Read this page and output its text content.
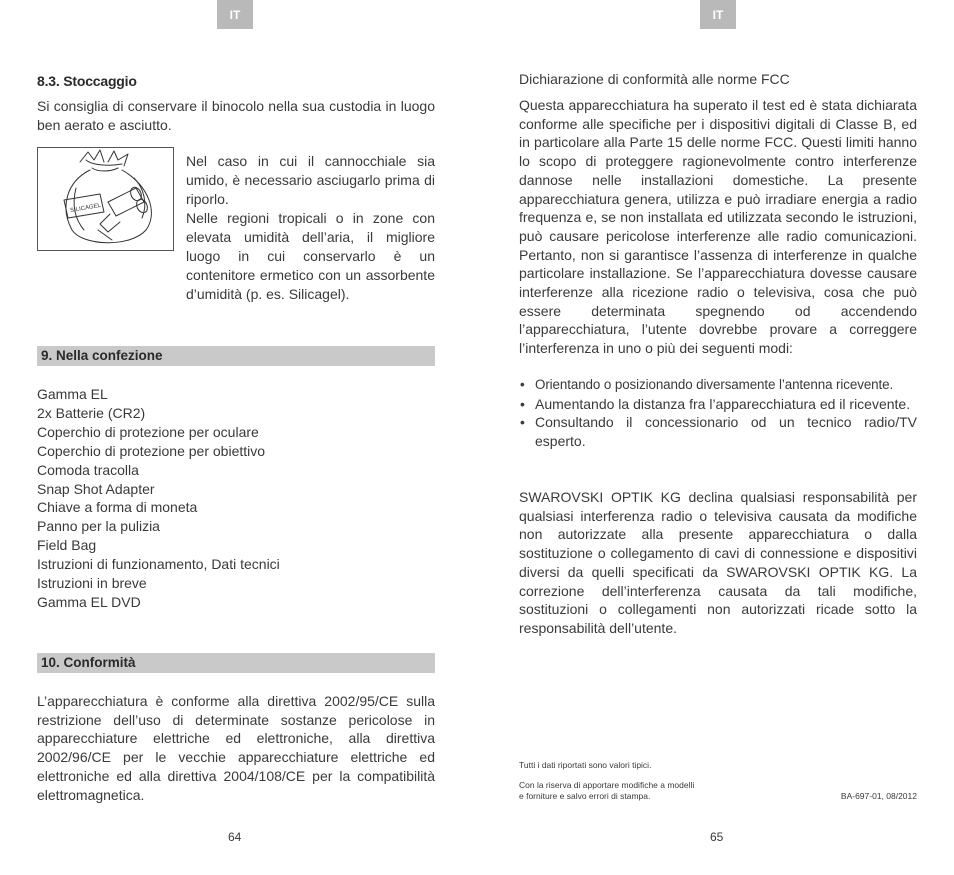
IT	IT
8.3. Stoccaggio

Si consiglia di conservare il binocolo nella sua custodia in luogo ben aerato e asciutto.

SILICAGEL

Nel caso in cui il cannocchiale sia umido, è necessario asciugarlo prima di riporlo.

Nelle regioni tropicali o in zone con elevata umidità dell’aria, il migliore luogo in cui conservarlo è un contenitore ermetico con un assorbente d’umidità (p. es. Silicagel).

9. Nella confezione

Gamma EL

2x Batterie (CR2)

Coperchio di protezione per oculare

Coperchio di protezione per obiettivo

Comoda tracolla

Snap Shot Adapter

Chiave a forma di moneta

Panno per la pulizia

Field Bag

Istruzioni di funzionamento, Dati tecnici

Istruzioni in breve

Gamma EL DVD

10. Conformità

L’apparecchiatura è conforme alla direttiva 2002/95/CE sulla restrizione dell’uso di determinate sostanze pericolose in apparecchiature elettriche ed elettroniche, alla direttiva 2002/96/CE per le vecchie apparecchiature elettriche ed elettroniche ed alla direttiva 2004/108/CE per la compatibilità elettromagnetica.

64
Dichiarazione di conformità alle norme FCC

Questa apparecchiatura ha superato il test ed è stata dichiarata conforme alle specifiche per i dispositivi digitali di Classe B, ed in particolare alla Parte 15 delle norme FCC. Questi limiti hanno lo scopo di proteggere ragionevolmente contro interferenze dannose nelle installazioni domestiche. La presente apparecchiatura genera, utilizza e può irradiare energia a radio frequenza e, se non installata ed utilizzata secondo le istruzioni, può causare pericolose interferenze alle radio comunicazioni. Pertanto, non si garantisce l’assenza di interferenze in qualche particolare installazione. Se l’apparecchiatura dovesse causare interferenze alla ricezione radio o televisiva, cosa che può essere determinata spegnendo od accendendo l’apparecchiatura, l’utente dovrebbe provare a correggere l’interferenza in uno o più dei seguenti modi:

• Orientando o posizionando diversamente l’antenna ricevente.
• Aumentando la distanza fra l’apparecchiatura ed il ricevente.
• Consultando il concessionario od un tecnico radio/TV esperto.

SWAROVSKI OPTIK KG declina qualsiasi responsabilità per qualsiasi interferenza radio o televisiva causata da modifiche non autorizzate alla presente apparecchiatura o dalla sostituzione o collegamento di cavi di connessione e dispositivi diversi da quelli specificati da SWAROVSKI OPTIK KG. La correzione dell’interferenza causata da tali modifiche, sostituzioni o collegamenti non autorizzati ricade sotto la responsabilità dell’utente.

Tutti i dati riportati sono valori tipici.
Con la riserva di apportare modifiche a modelli
e forniture e salvo errori di stampa.	BA-697-01, 08/2012
65
